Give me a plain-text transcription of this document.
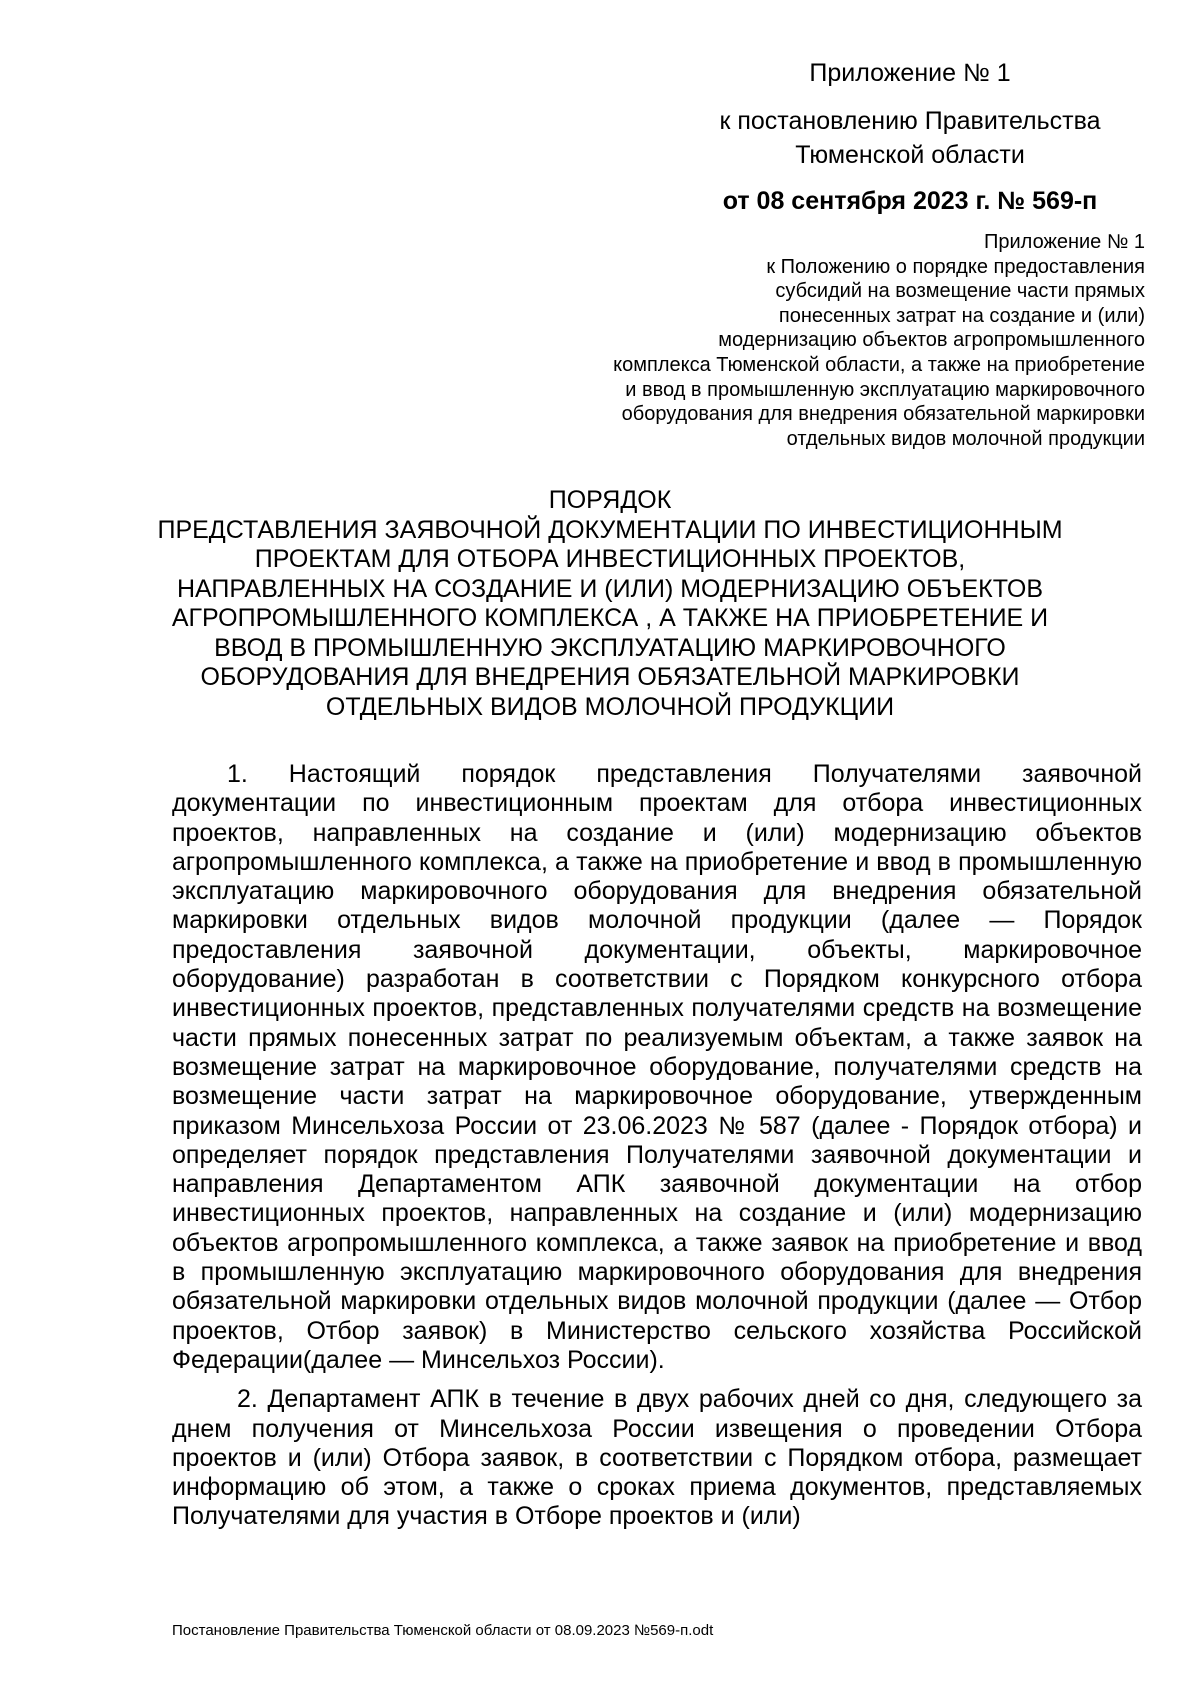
Приложение № 1
к постановлению Правительства
Тюменской области
от 08 сентября 2023 г. № 569-п
Приложение № 1
к Положению о порядке предоставления
субсидий на возмещение части прямых
понесенных затрат на создание и (или)
модернизацию объектов агропромышленного
комплекса Тюменской области, а также на приобретение
и ввод в промышленную эксплуатацию маркировочного
оборудования для внедрения обязательной маркировки
отдельных видов молочной продукции
ПОРЯДОК
ПРЕДСТАВЛЕНИЯ ЗАЯВОЧНОЙ ДОКУМЕНТАЦИИ ПО ИНВЕСТИЦИОННЫМ
ПРОЕКТАМ ДЛЯ ОТБОРА ИНВЕСТИЦИОННЫХ ПРОЕКТОВ,
НАПРАВЛЕННЫХ НА СОЗДАНИЕ И (ИЛИ) МОДЕРНИЗАЦИЮ ОБЪЕКТОВ
АГРОПРОМЫШЛЕННОГО КОМПЛЕКСА , А ТАКЖЕ НА ПРИОБРЕТЕНИЕ И
ВВОД В ПРОМЫШЛЕННУЮ ЭКСПЛУАТАЦИЮ МАРКИРОВОЧНОГО
ОБОРУДОВАНИЯ ДЛЯ ВНЕДРЕНИЯ ОБЯЗАТЕЛЬНОЙ МАРКИРОВКИ
ОТДЕЛЬНЫХ ВИДОВ МОЛОЧНОЙ ПРОДУКЦИИ

1. Настоящий порядок представления Получателями заявочной документации по инвестиционным проектам для отбора инвестиционных проектов, направленных на создание и (или) модернизацию объектов агропромышленного комплекса, а также на приобретение и ввод в промышленную эксплуатацию маркировочного оборудования для внедрения обязательной маркировки отдельных видов молочной продукции (далее — Порядок предоставления заявочной документации, объекты, маркировочное оборудование) разработан в соответствии с Порядком конкурсного отбора инвестиционных проектов, представленных получателями средств на возмещение части прямых понесенных затрат по реализуемым объектам, а также заявок на возмещение затрат на маркировочное оборудование, получателями средств на возмещение части затрат на маркировочное оборудование, утвержденным приказом Минсельхоза России от 23.06.2023 № 587 (далее - Порядок отбора) и определяет порядок представления Получателями заявочной документации и направления Департаментом АПК заявочной документации на отбор инвестиционных проектов, направленных на создание и (или) модернизацию объектов агропромышленного комплекса, а также заявок на приобретение и ввод в промышленную эксплуатацию маркировочного оборудования для внедрения обязательной маркировки отдельных видов молочной продукции (далее — Отбор проектов, Отбор заявок) в Министерство сельского хозяйства Российской Федерации(далее — Минсельхоз России).

2. Департамент АПК в течение в двух рабочих дней со дня, следующего за днем получения от Минсельхоза России извещения о проведении Отбора проектов и (или) Отбора заявок, в соответствии с Порядком отбора, размещает информацию об этом, а также о сроках приема документов, представляемых Получателями для участия в Отборе проектов и (или)

Постановление Правительства Тюменской области от 08.09.2023 №569-п.odt
